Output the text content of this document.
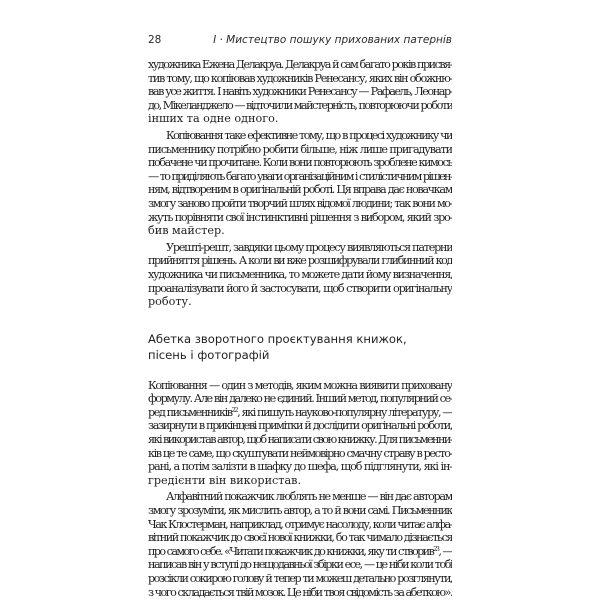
28	І · Мистецтво пошуку прихованих патернів
художника Ежена Делакруа. Делакруа й сам багато років присвя-
тив тому, що копіював художників Ренесансу, яких він обожню-
вав усе життя. І навіть художники Ренесансу — Рафаель, Леонар-
до, Мікеланджело — відточили майстерність, повторюючи роботи
інших та одне одного.
Копіювання таке ефективне тому, що в процесі художнику чи
письменнику потрібно робити більше, ніж лише пригадувати
побачене чи прочитане. Коли вони повторюють зроблене кимось
— то приділяють багато уваги організаційним і стилістичним рішен-
ням, відтвореним в оригінальній роботі. Ця вправа дає новачкам
змогу заново пройти творчий шлях відомої людини; так вони мо-
жуть порівняти свої інстинктивні рішення з вибором, який зро-
бив майстер.
Урешті-решт, завдяки цьому процесу виявляються патерни
прийняття рішень. А коли ви вже розшифрували глибинний код
художника чи письменника, то можете дати йому визначення,
проаналізувати його й застосувати, щоб створити оригінальну
роботу.
Абетка зворотного проєктування книжок,
пісень і фотографій
Копіювання — один з методів, яким можна виявити приховану
формулу. Але він далеко не єдиний. Інший метод, популярний се-
ред письменників$^{22}$, які пишуть науково-популярну літературу, —
зазирнути в прикінцеві примітки й дослідити оригінальні роботи,
які використав автор, щоб написати свою книжку. Для письменни-
ків це те саме, що скуштувати неймовірно смачну страву в ресто-
рані, а потім залізти в шафку до шефа, щоб підглянути, які ін-
гредієнти він використав.
Алфавітний покажчик люблять не менше — він дає авторам
змогу зрозуміти, як мислить автор, а то й вони самі. Письменник
Чак Клостерман, наприклад, отримує насолоду, коли читає алфа-
вітний покажчик до своєї нової книжки, бо так чимало дізнається
про самого себе. «Читати покажчик до книжки, яку ти створив$^{23}$, —
написав він у вступі до нещодавньої збірки есе, — це ніби коли тобі
розсікли сокирою голову й тепер ти можеш детально розглянути,
з чого складається твій мозок. Це ніби твоя свідомість за абеткою».
